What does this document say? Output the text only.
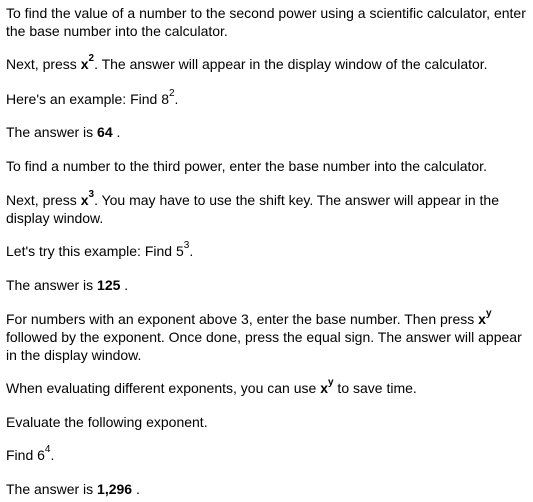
To find the value of a number to the second power using a scientific calculator, enter the base number into the calculator.

Next, press $x^2$. The answer will appear in the display window of the calculator.

Here's an example: Find $8^2$.

The answer is 64 .

To find a number to the third power, enter the base number into the calculator.

Next, press $x^3$. You may have to use the shift key. The answer will appear in the display window.

Let's try this example: Find $5^3$.

The answer is 125 .

For numbers with an exponent above 3, enter the base number. Then press $x^y$ followed by the exponent. Once done, press the equal sign. The answer will appear in the display window.

When evaluating different exponents, you can use $x^y$ to save time.

Evaluate the following exponent.

Find $6^4$.

The answer is 1,296 .
